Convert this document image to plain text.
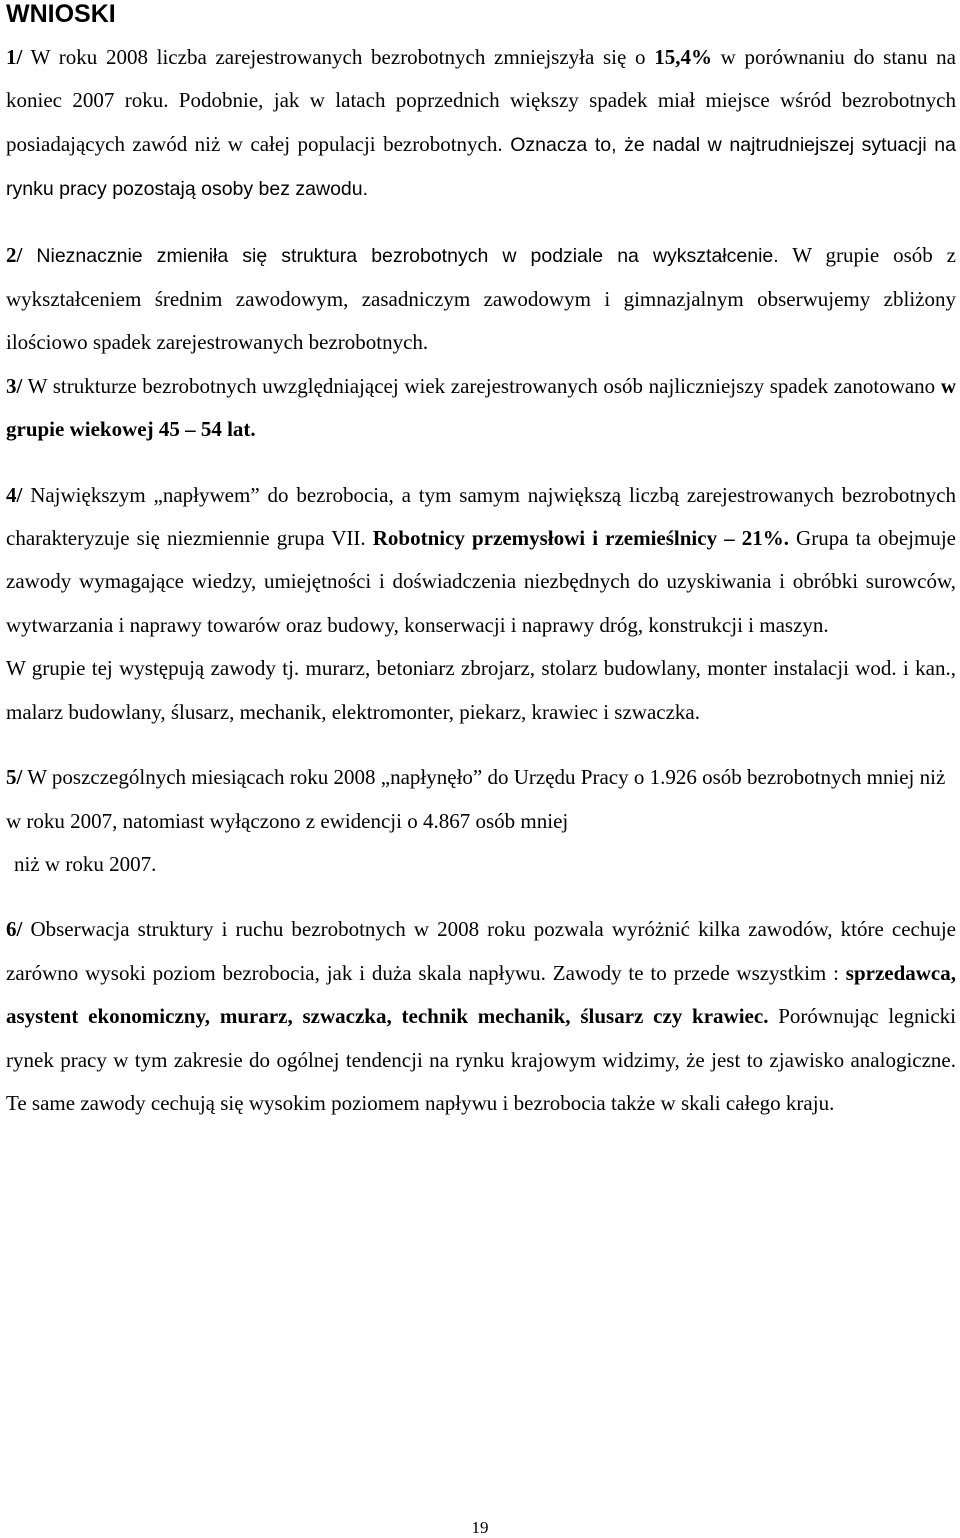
WNIOSKI

1/ W roku 2008 liczba zarejestrowanych bezrobotnych zmniejszyła się o 15,4% w porównaniu do stanu na koniec 2007 roku. Podobnie, jak w latach poprzednich większy spadek miał miejsce wśród bezrobotnych posiadających zawód niż w całej populacji bezrobotnych. Oznacza to, że nadal w najtrudniejszej sytuacji na rynku pracy pozostają osoby bez zawodu.

2/ Nieznacznie zmieniła się struktura bezrobotnych w podziale na wykształcenie. W grupie osób z wykształceniem średnim zawodowym, zasadniczym zawodowym i gimnazjalnym obserwujemy zbliżony ilościowo spadek zarejestrowanych bezrobotnych.

3/ W strukturze bezrobotnych uwzględniającej wiek zarejestrowanych osób najliczniejszy spadek zanotowano w grupie wiekowej 45 – 54 lat.

4/ Największym „napływem” do bezrobocia, a tym samym największą liczbą zarejestrowanych bezrobotnych charakteryzuje się niezmiennie grupa VII. Robotnicy przemysłowi i rzemieślnicy – 21%. Grupa ta obejmuje zawody wymagające wiedzy, umiejętności i doświadczenia niezbędnych do uzyskiwania i obróbki surowców, wytwarzania i naprawy towarów oraz budowy, konserwacji i naprawy dróg, konstrukcji i maszyn.

W grupie tej występują zawody tj. murarz, betoniarz zbrojarz, stolarz budowlany, monter instalacji wod. i kan., malarz budowlany, ślusarz, mechanik, elektromonter, piekarz, krawiec i szwaczka.

5/ W poszczególnych miesiącach roku 2008 „napłynęło” do Urzędu Pracy o 1.926 osób bezrobotnych mniej niż w roku 2007, natomiast wyłączono z ewidencji o 4.867 osób mniej
niż w roku 2007.

6/ Obserwacja struktury i ruchu bezrobotnych w 2008 roku pozwala wyróżnić kilka zawodów, które cechuje zarówno wysoki poziom bezrobocia, jak i duża skala napływu. Zawody te to przede wszystkim : sprzedawca, asystent ekonomiczny, murarz, szwaczka, technik mechanik, ślusarz czy krawiec. Porównując legnicki rynek pracy w tym zakresie do ogólnej tendencji na rynku krajowym widzimy, że jest to zjawisko analogiczne. Te same zawody cechują się wysokim poziomem napływu i bezrobocia także w skali całego kraju.

19
